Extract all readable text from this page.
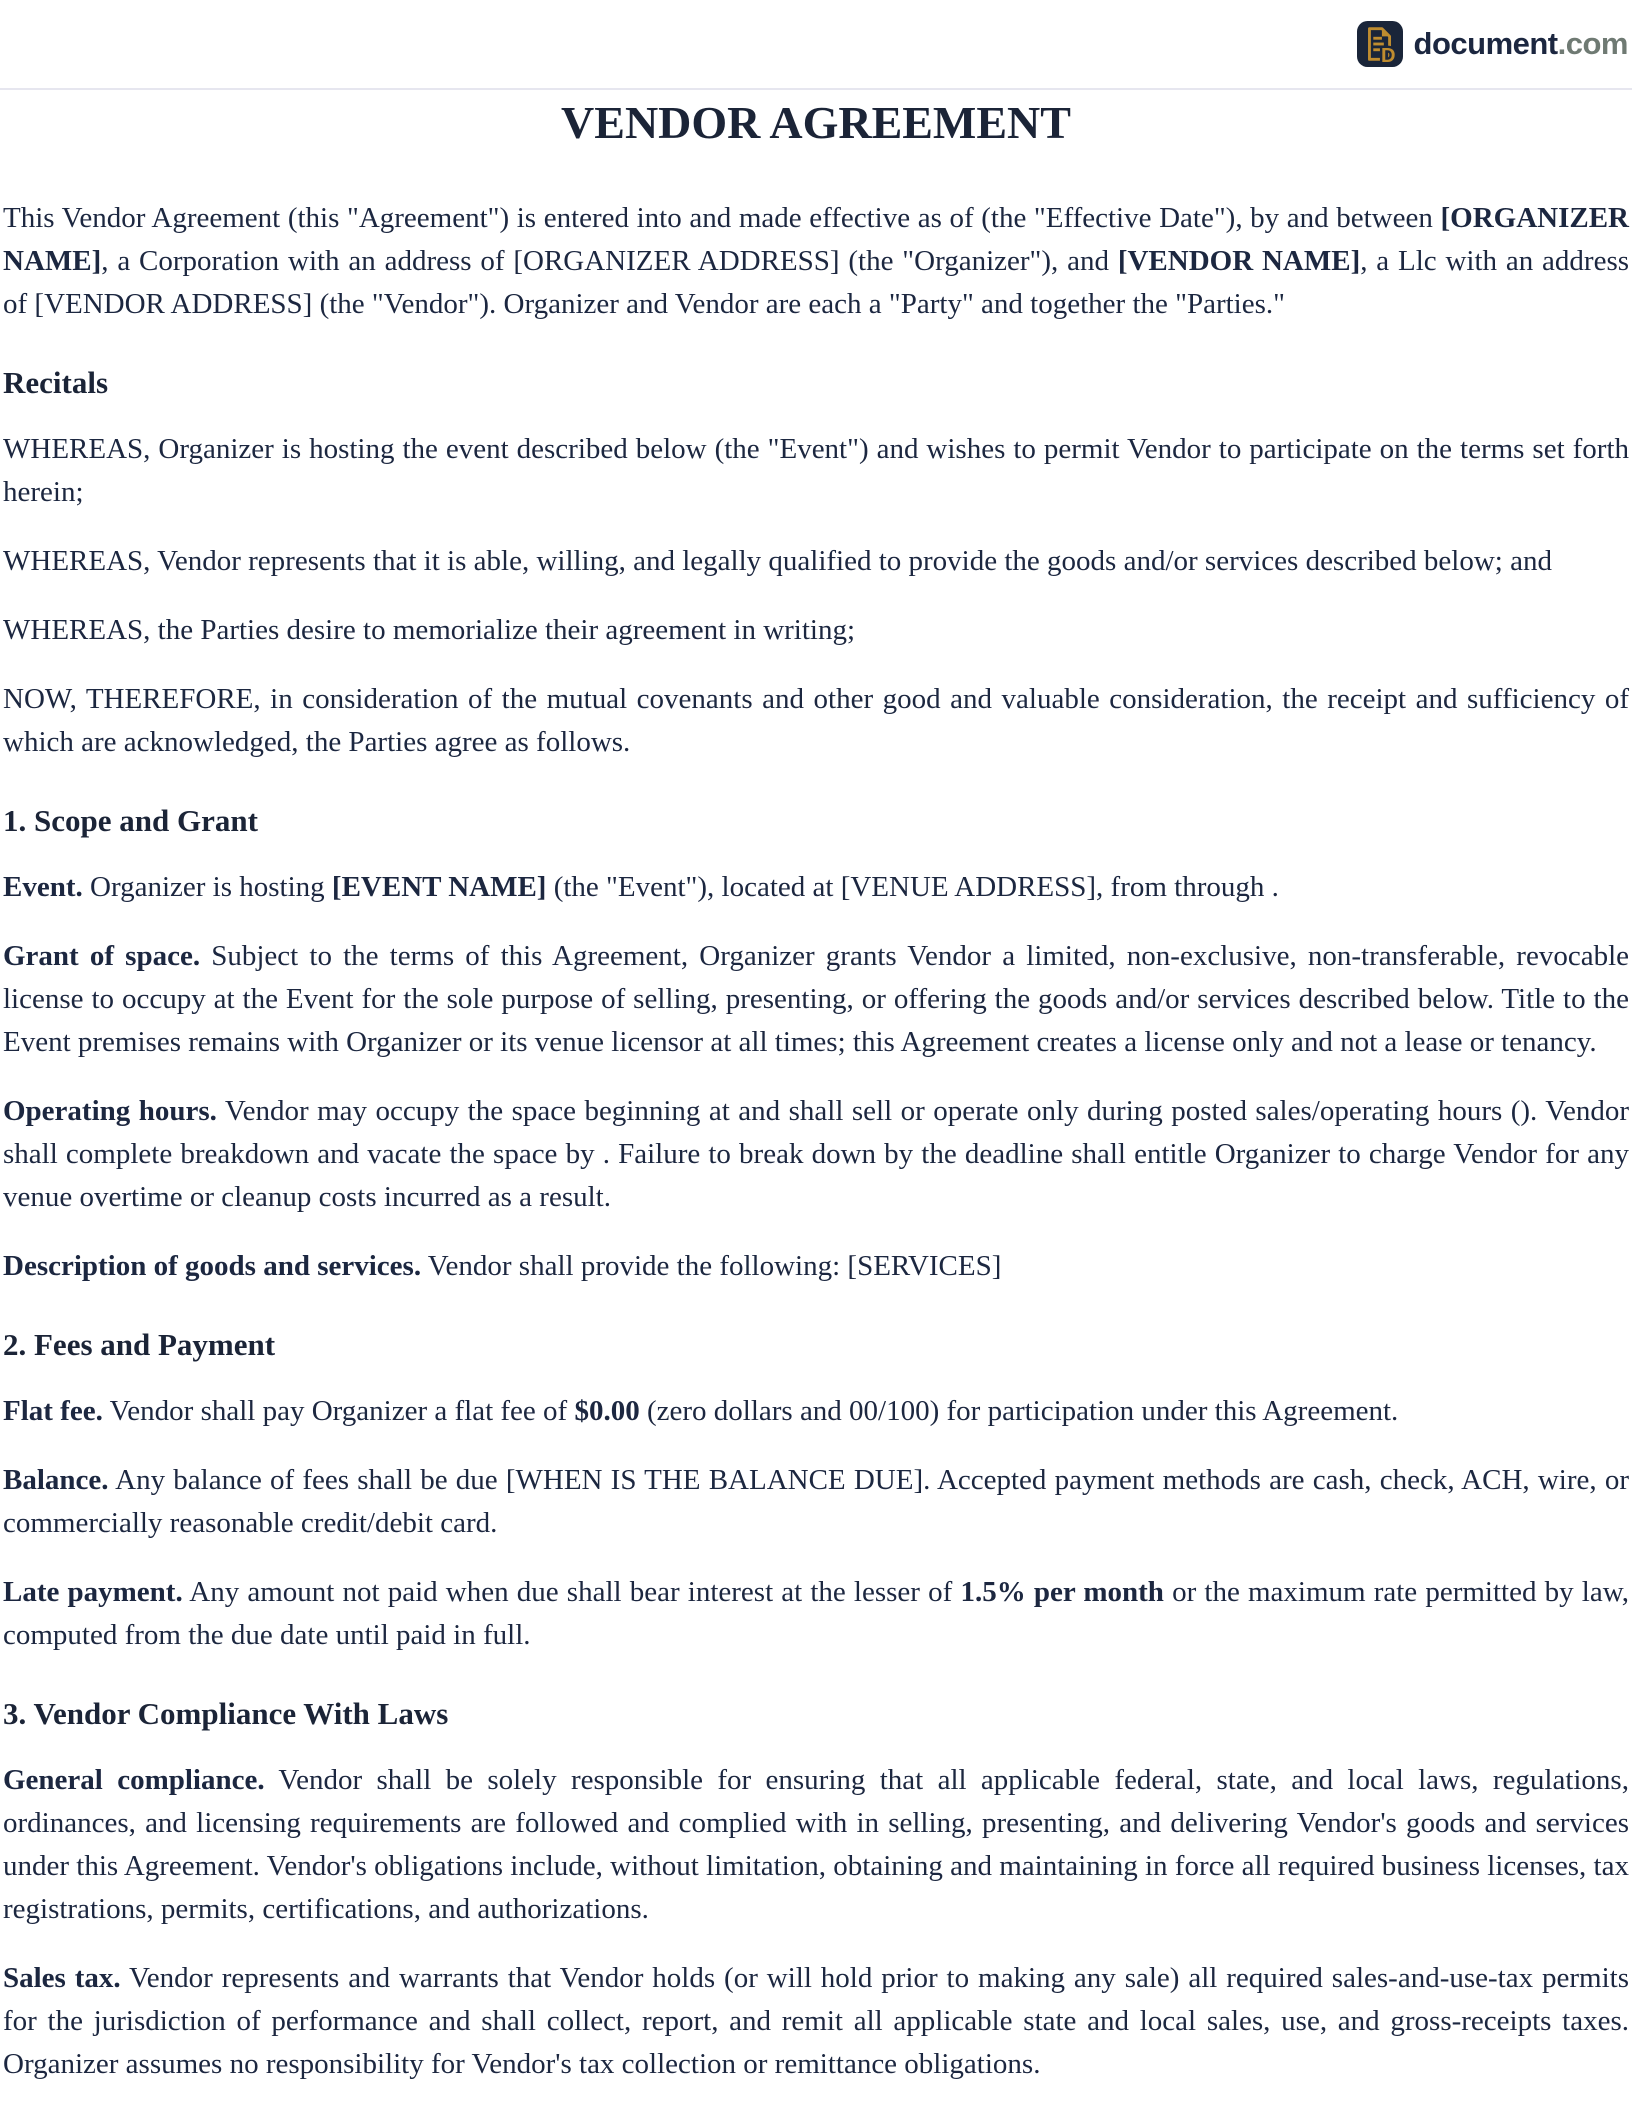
D document.com
VENDOR AGREEMENT

This Vendor Agreement (this "Agreement") is entered into and made effective as of (the "Effective Date"), by and between [ORGANIZER NAME], a Corporation with an address of [ORGANIZER ADDRESS] (the "Organizer"), and [VENDOR NAME], a Llc with an address of [VENDOR ADDRESS] (the "Vendor"). Organizer and Vendor are each a "Party" and together the "Parties."

Recitals

WHEREAS, Organizer is hosting the event described below (the "Event") and wishes to permit Vendor to participate on the terms set forth herein;

WHEREAS, Vendor represents that it is able, willing, and legally qualified to provide the goods and/or services described below; and

WHEREAS, the Parties desire to memorialize their agreement in writing;

NOW, THEREFORE, in consideration of the mutual covenants and other good and valuable consideration, the receipt and sufficiency of which are acknowledged, the Parties agree as follows.

1. Scope and Grant

Event. Organizer is hosting [EVENT NAME] (the "Event"), located at [VENUE ADDRESS], from through .

Grant of space. Subject to the terms of this Agreement, Organizer grants Vendor a limited, non-exclusive, non-transferable, revocable license to occupy at the Event for the sole purpose of selling, presenting, or offering the goods and/or services described below. Title to the Event premises remains with Organizer or its venue licensor at all times; this Agreement creates a license only and not a lease or tenancy.

Operating hours. Vendor may occupy the space beginning at and shall sell or operate only during posted sales/operating hours (). Vendor shall complete breakdown and vacate the space by . Failure to break down by the deadline shall entitle Organizer to charge Vendor for any venue overtime or cleanup costs incurred as a result.

Description of goods and services. Vendor shall provide the following: [SERVICES]

2. Fees and Payment

Flat fee. Vendor shall pay Organizer a flat fee of $0.00 (zero dollars and 00/100) for participation under this Agreement.

Balance. Any balance of fees shall be due [WHEN IS THE BALANCE DUE]. Accepted payment methods are cash, check, ACH, wire, or commercially reasonable credit/debit card.

Late payment. Any amount not paid when due shall bear interest at the lesser of 1.5% per month or the maximum rate permitted by law, computed from the due date until paid in full.

3. Vendor Compliance With Laws

General compliance. Vendor shall be solely responsible for ensuring that all applicable federal, state, and local laws, regulations, ordinances, and licensing requirements are followed and complied with in selling, presenting, and delivering Vendor's goods and services under this Agreement. Vendor's obligations include, without limitation, obtaining and maintaining in force all required business licenses, tax registrations, permits, certifications, and authorizations.

Sales tax. Vendor represents and warrants that Vendor holds (or will hold prior to making any sale) all required sales-and-use-tax permits for the jurisdiction of performance and shall collect, report, and remit all applicable state and local sales, use, and gross-receipts taxes. Organizer assumes no responsibility for Vendor's tax collection or remittance obligations.
